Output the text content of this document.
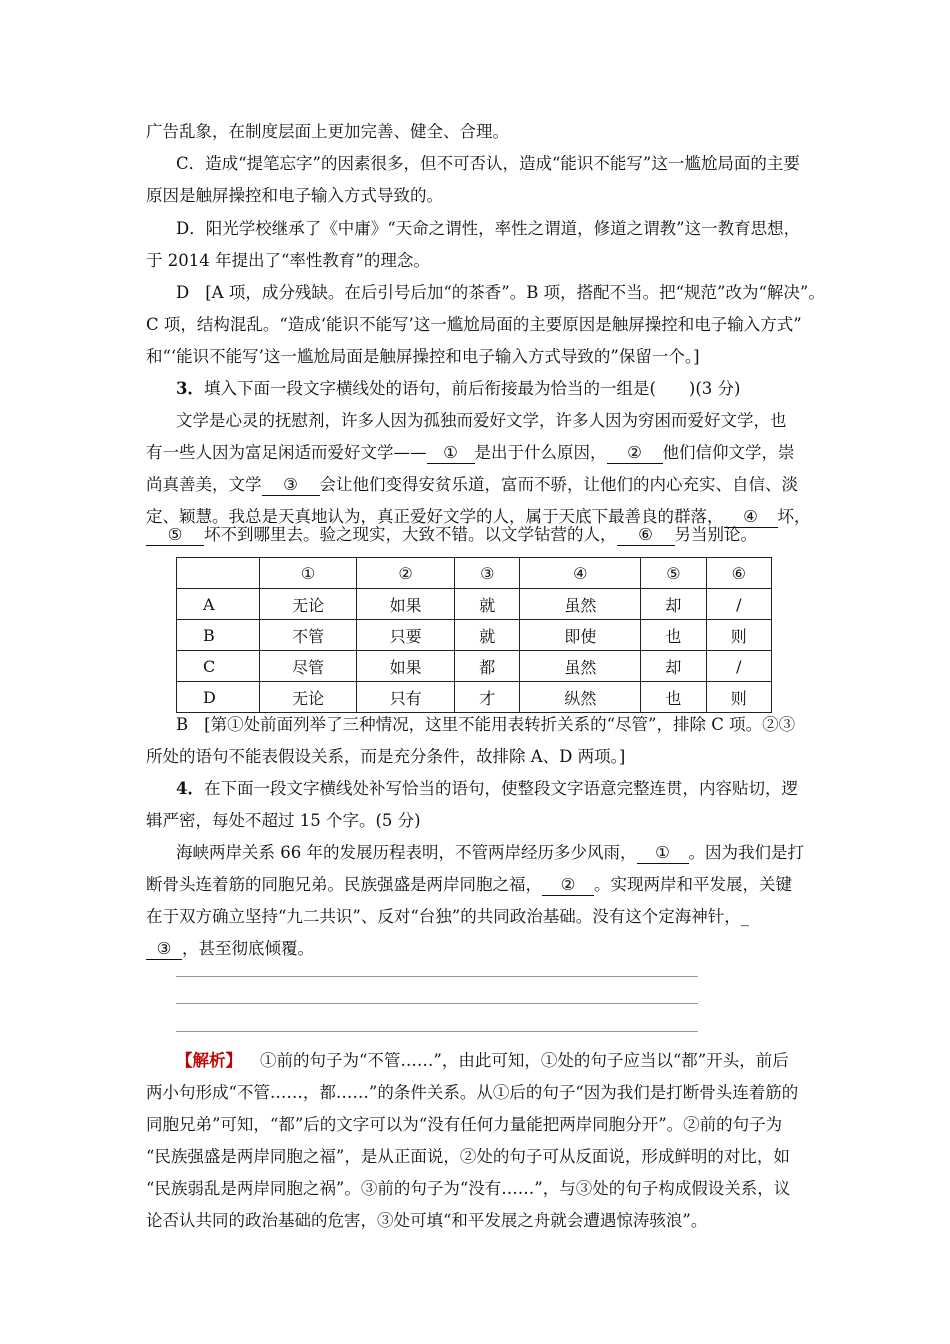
广告乱象，在制度层面上更加完善、健全、合理。
C．造成“提笔忘字”的因素很多，但不可否认，造成“能识不能写”这一尴尬局面的主要
原因是触屏操控和电子输入方式导致的。
D．阳光学校继承了《中庸》“天命之谓性，率性之谓道，修道之谓教”这一教育思想，
于 2014 年提出了“率性教育”的理念。
D [A 项，成分残缺。在后引号后加“的茶香”。B 项，搭配不当。把“规范”改为“解决”。
C 项，结构混乱。“造成‘能识不能写’这一尴尬局面的主要原因是触屏操控和电子输入方式”
和“‘能识不能写’这一尴尬局面是触屏操控和电子输入方式导致的”保留一个。]
3．填入下面一段文字横线处的语句，前后衔接最为恰当的一组是(　　)(3 分)
文学是心灵的抚慰剂，许多人因为孤独而爱好文学，许多人因为穷困而爱好文学，也
有一些人因为富足闲适而爱好文学—— ① 是出于什么原因， ② 他们信仰文学，崇
尚真善美，文学 ③ 会让他们变得安贫乐道，富而不骄，让他们的内心充实、自信、淡
定、颖慧。我总是天真地认为，真正爱好文学的人，属于天底下最善良的群落， ④ 坏，
⑤ 坏不到哪里去。验之现实，大致不错。以文学钻营的人， ⑥ 另当别论。
	①	②	③	④	⑤	⑥
A	无论	如果	就	虽然	却	/
B	不管	只要	就	即使	也	则
C	尽管	如果	都	虽然	却	/
D	无论	只有	才	纵然	也	则
B [第①处前面列举了三种情况，这里不能用表转折关系的“尽管”，排除 C 项。②③
所处的语句不能表假设关系，而是充分条件，故排除 A、D 两项。]
4．在下面一段文字横线处补写恰当的语句，使整段文字语意完整连贯，内容贴切，逻
辑严密，每处不超过 15 个字。(5 分)
海峡两岸关系 66 年的发展历程表明，不管两岸经历多少风雨， ① 。因为我们是打
断骨头连着筋的同胞兄弟。民族强盛是两岸同胞之福， ② 。实现两岸和平发展，关键
在于双方确立坚持“九二共识”、反对“台独”的共同政治基础。没有这个定海神针，_
③ ，甚至彻底倾覆。
【解析】 ①前的句子为“不管……”，由此可知，①处的句子应当以“都”开头，前后
两小句形成“不管……，都……”的条件关系。从①后的句子“因为我们是打断骨头连着筋的
同胞兄弟”可知，“都”后的文字可以为“没有任何力量能把两岸同胞分开”。②前的句子为
“民族强盛是两岸同胞之福”，是从正面说，②处的句子可从反面说，形成鲜明的对比，如
“民族弱乱是两岸同胞之祸”。③前的句子为“没有……”，与③处的句子构成假设关系，议
论否认共同的政治基础的危害，③处可填“和平发展之舟就会遭遇惊涛骇浪”。
